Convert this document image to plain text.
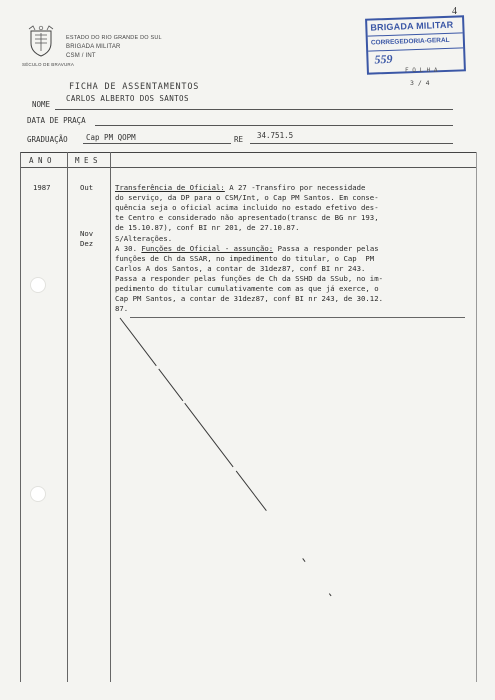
SÉCULO DE BRAVURA
ESTADO DO RIO GRANDE DO SUL
BRIGADA MILITAR
CSM / INT
BRIGADA MILITAR
CORREGEDORIA-GERAL
559
4
F O L H A
3 / 4
FICHA DE ASSENTAMENTOS
NOME
CARLOS ALBERTO DOS SANTOS
DATA DE PRAÇA
GRADUAÇÃO Cap PM QOPM	RE 34.751.5
A N O	M E S
1987	Out
Nov
Dez
Transferência de Oficial: A 27 -Transfiro por necessidade
do serviço, da DP para o CSM/Int, o Cap PM Santos. Em conse-
quência seja o oficial acima incluido no estado efetivo des-
te Centro e considerado não apresentado(transc de BG nr 193,
de 15.10.87), conf BI nr 201, de 27.10.87.
S/Alterações.
A 30. Funções de Oficial - assunção: Passa a responder pelas
funções de Ch da SSAR, no impedimento do titular, o Cap  PM
Carlos A dos Santos, a contar de 31dez87, conf BI nr 243.
Passa a responder pelas funções de Ch da SSHD da SSub, no im-
pedimento do titular cumulativamente com as que já exerce, o
Cap PM Santos, a contar de 31dez87, conf BI nr 243, de 30.12.
87.
